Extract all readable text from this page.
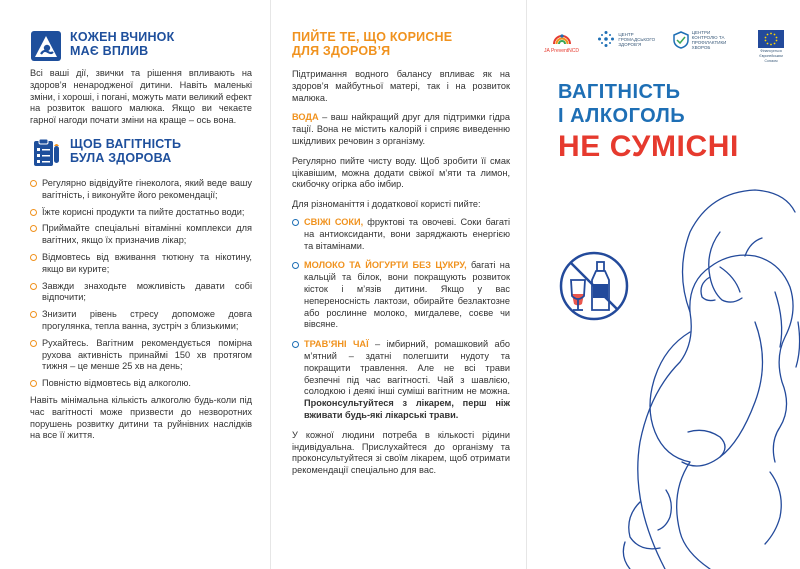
КОЖЕН ВЧИНОК
МАЄ ВПЛИВ

Всі ваші дії, звички та рішення впливають на здоров’я ненародженої дитини. Навіть маленькі зміни, і хороші, і погані, можуть мати великий ефект на розвиток вашого малюка. Якщо ви чекаєте гарної нагоди почати зміни на краще – ось вона.

ЩОБ ВАГІТНІСТЬ
БУЛА ЗДОРОВА
Регулярно відвідуйте гінеколога, який веде вашу вагітність, і виконуйте його рекомендації;
Їжте корисні продукти та пийте достатньо води;
Приймайте спеціальні вітамінні комплекси для вагітних, якщо їх призначив лікар;
Відмовтесь від вживання тютюну та нікотину, якщо ви курите;
Завжди знаходьте можливість давати собі відпочити;
Знизити рівень стресу допоможе довга прогулянка, тепла ванна, зустріч з близькими;
Рухайтесь. Вагітним рекомендується помірна рухова активність принаймі 150 хв протягом тижня – це менше 25 хв на день;
Повністю відмовтесь від алкоголю.

Навіть мінімальна кількість алкоголю будь-коли під час вагітності може призвести до незворотних порушень розвитку дитини та руйнівних наслідків на все її життя.

ПИЙТЕ ТЕ, ЩО КОРИСНЕ
ДЛЯ ЗДОРОВ’Я

Підтримання водного балансу впливає як на здоров’я майбутньої матері, так і на розвиток малюка.

ВОДА – ваш найкращий друг для підтримки гідра тації. Вона не містить калорій і сприяє виведенню шкідливих речовин з організму.

Регулярно пийте чисту воду. Щоб зробити її смак цікавішим, можна додати свіжої м’яти та лимон, скибочку огірка або імбир.

Для різноманіття і додаткової користі пийте:

СВІЖІ СОКИ, фруктові та овочеві. Соки багаті на антиоксиданти, вони заряджають енергією та вітамінами.
МОЛОКО ТА ЙОГУРТИ БЕЗ ЦУКРУ, багаті на кальцій та білок, вони покращують розвиток кісток і м’язів дитини. Якщо у вас непереносність лактози, обирайте безлактозне або рослинне молоко, мигдалеве, соєве чи вівсяне.
ТРАВ’ЯНІ ЧАЇ – імбирний, ромашковий або м’ятний – здатні полегшити нудоту та покращити травлення. Але не всі трави безпечні під час вагітності. Чай з шавлією, солодкою і деякі інші суміші вагітним не можна. Проконсультуйтеся з лікарем, перш ніж вживати будь-які лікарські трави.

У кожної людини потреба в кількості рідини індивідуальна. Прислухайтеся до організму та проконсультуйтеся зі своїм лікарем, щоб отримати рекомендації спеціально для вас.

JA PreventNCD
ЦЕНТР ГРОМАДСЬКОГО ЗДОРОВ’Я
ЦЕНТРИ КОНТРОЛЮ ТА ПРОФІЛАКТИКИ ХВОРОБ
Фінансується Європейським Союзом
ВАГІТНІСТЬ
І АЛКОГОЛЬ
НЕ СУМІСНІ
